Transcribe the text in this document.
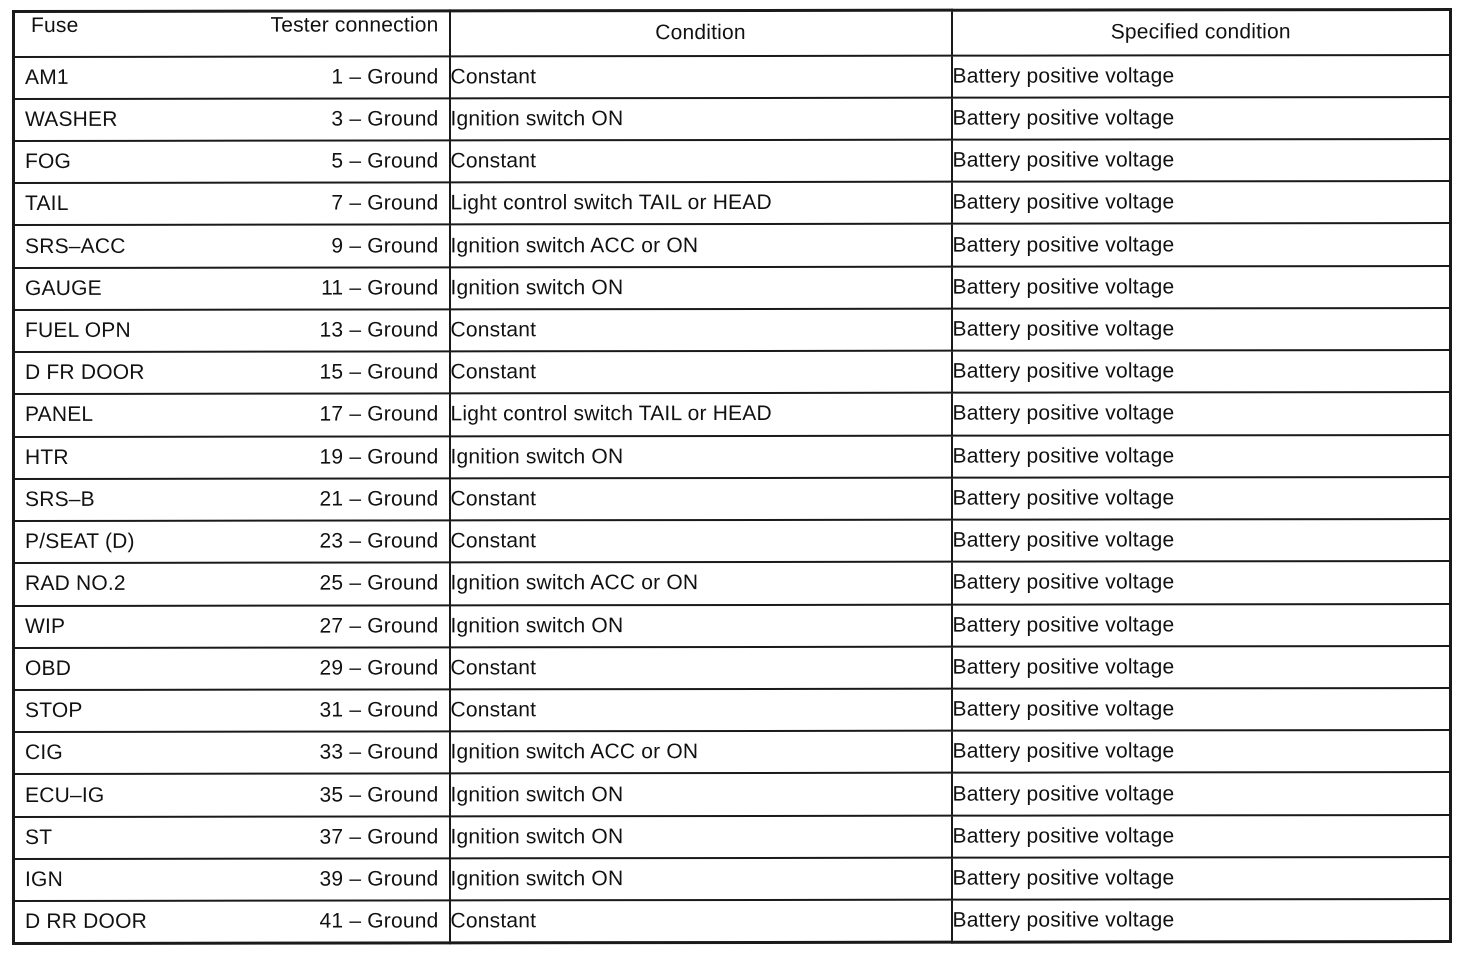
Fuse Tester connection	Condition	Specified condition

AM1 1 – Ground	Constant	Battery positive voltage

WASHER 3 – Ground	Ignition switch ON	Battery positive voltage

FOG 5 – Ground	Constant	Battery positive voltage

TAIL 7 – Ground	Light control switch TAIL or HEAD	Battery positive voltage

SRS–ACC 9 – Ground	Ignition switch ACC or ON	Battery positive voltage

GAUGE 11 – Ground	Ignition switch ON	Battery positive voltage

FUEL OPN 13 – Ground	Constant	Battery positive voltage

D FR DOOR 15 – Ground	Constant	Battery positive voltage

PANEL 17 – Ground	Light control switch TAIL or HEAD	Battery positive voltage

HTR 19 – Ground	Ignition switch ON	Battery positive voltage

SRS–B 21 – Ground	Constant	Battery positive voltage

P/SEAT (D) 23 – Ground	Constant	Battery positive voltage

RAD NO.2 25 – Ground	Ignition switch ACC or ON	Battery positive voltage

WIP 27 – Ground	Ignition switch ON	Battery positive voltage

OBD 29 – Ground	Constant	Battery positive voltage

STOP 31 – Ground	Constant	Battery positive voltage

CIG 33 – Ground	Ignition switch ACC or ON	Battery positive voltage

ECU–IG 35 – Ground	Ignition switch ON	Battery positive voltage

ST 37 – Ground	Ignition switch ON	Battery positive voltage

IGN 39 – Ground	Ignition switch ON	Battery positive voltage

D RR DOOR 41 – Ground	Constant	Battery positive voltage
